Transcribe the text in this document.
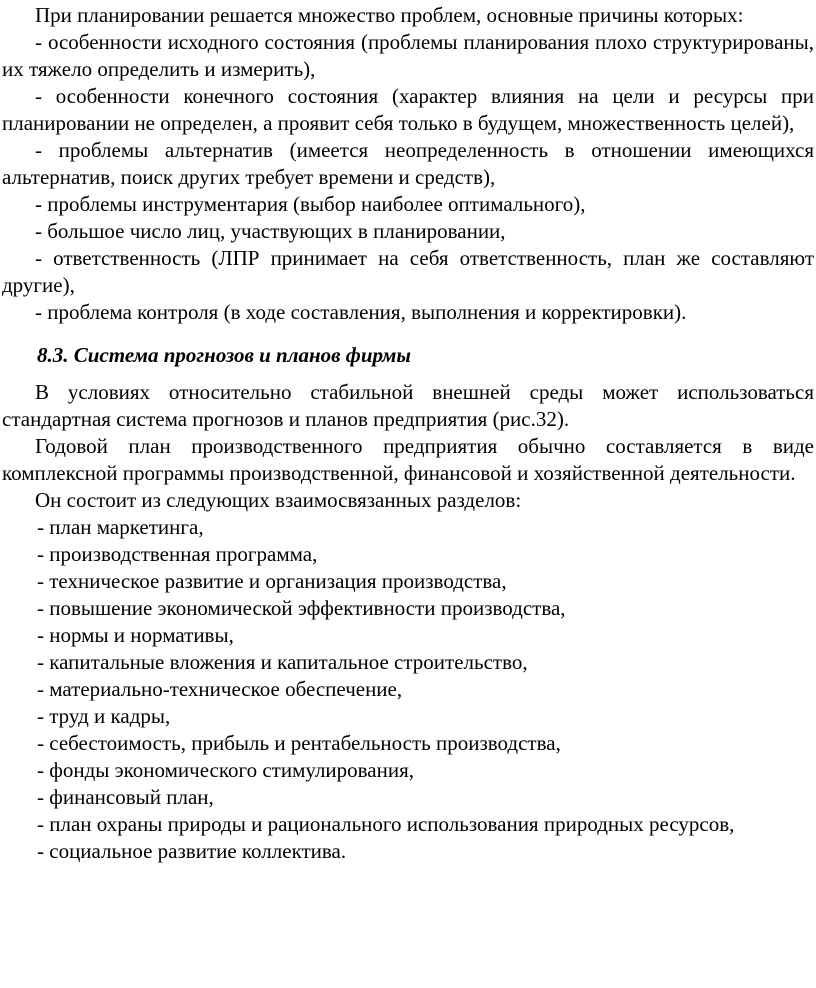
При планировании решается множество проблем, основные причины которых:

- особенности исходного состояния (проблемы планирования плохо структурированы, их тяжело определить и измерить),

- особенности конечного состояния (характер влияния на цели и ресурсы при планировании не определен, а проявит себя только в будущем, множественность целей),

- проблемы альтернатив (имеется неопределенность в отношении имеющихся альтернатив, поиск других требует времени и средств),

- проблемы инструментария (выбор наиболее оптимального),

- большое число лиц, участвующих в планировании,

- ответственность (ЛПР принимает на себя ответственность, план же составляют другие),

- проблема контроля (в ходе составления, выполнения и корректировки).

8.3. Система прогнозов и планов фирмы

В условиях относительно стабильной внешней среды может использоваться стандартная система прогнозов и планов предприятия (рис.32).

Годовой план производственного предприятия обычно составляется в виде комплексной программы производственной, финансовой и хозяйственной деятельности.

Он состоит из следующих взаимосвязанных разделов:

- план маркетинга,

- производственная программа,

- техническое развитие и организация производства,

- повышение экономической эффективности производства,

- нормы и нормативы,

- капитальные вложения и капитальное строительство,

- материально-техническое обеспечение,

- труд и кадры,

- себестоимость, прибыль и рентабельность производства,

- фонды экономического стимулирования,

- финансовый план,

- план охраны природы и рационального использования природных ресурсов,

- социальное развитие коллектива.
